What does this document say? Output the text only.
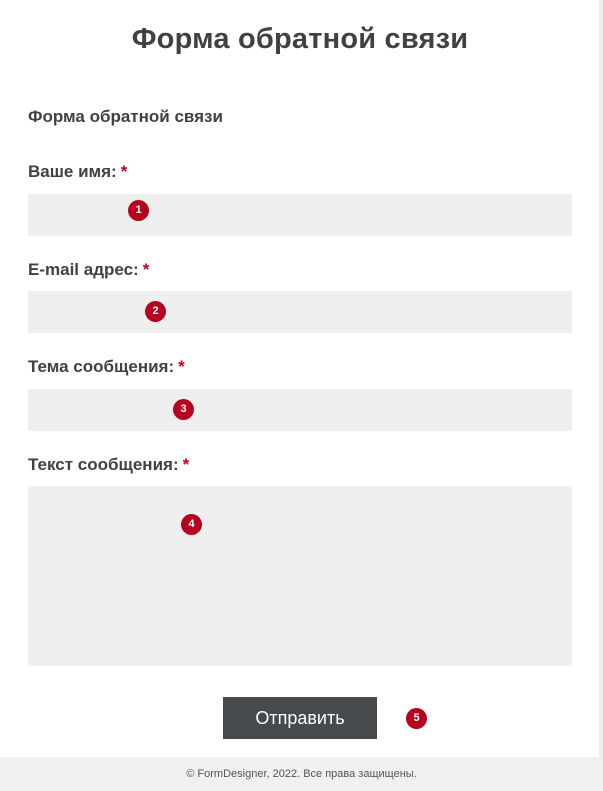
Форма обратной связи
Форма обратной связи
Ваше имя: *
1
E-mail адрес: *
2
Тема сообщения: *
3
Текст сообщения: *
4
Отправить	5
© FormDesigner, 2022. Все права защищены.
